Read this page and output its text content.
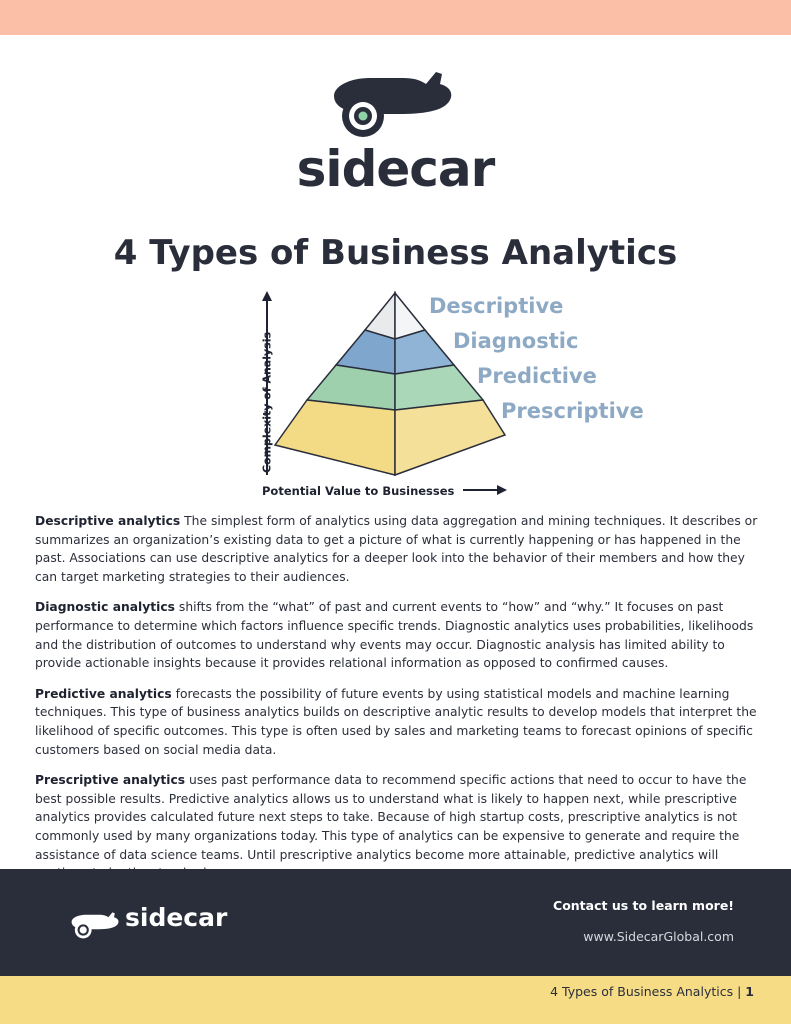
sidecar
4 Types of Business Analytics
Descriptive
Diagnostic
Predictive
Prescriptive
Complexity of Analysis
Potential Value to Businesses

Descriptive analytics The simplest form of analytics using data aggregation and mining techniques. It describes or summarizes an organization’s existing data to get a picture of what is currently happening or has happened in the past. Associations can use descriptive analytics for a deeper look into the behavior of their members and how they can target marketing strategies to their audiences.

Diagnostic analytics shifts from the “what” of past and current events to “how” and “why.” It focuses on past performance to determine which factors influence specific trends. Diagnostic analytics uses probabilities, likelihoods and the distribution of outcomes to understand why events may occur. Diagnostic analysis has limited ability to provide actionable insights because it provides relational information as opposed to confirmed causes.

Predictive analytics forecasts the possibility of future events by using statistical models and machine learning techniques. This type of business analytics builds on descriptive analytic results to develop models that interpret the likelihood of specific outcomes. This type is often used by sales and marketing teams to forecast opinions of specific customers based on social media data.

Prescriptive analytics uses past performance data to recommend specific actions that need to occur to have the best possible results. Predictive analytics allows us to understand what is likely to happen next, while prescriptive analytics provides calculated future next steps to take. Because of high startup costs, prescriptive analytics is not commonly used by many organizations today. This type of analytics can be expensive to generate and require the assistance of data science teams. Until prescriptive analytics become more attainable, predictive analytics will

sidecar	Contact us to learn more!
www.SidecarGlobal.com
4 Types of Business Analytics | 1
